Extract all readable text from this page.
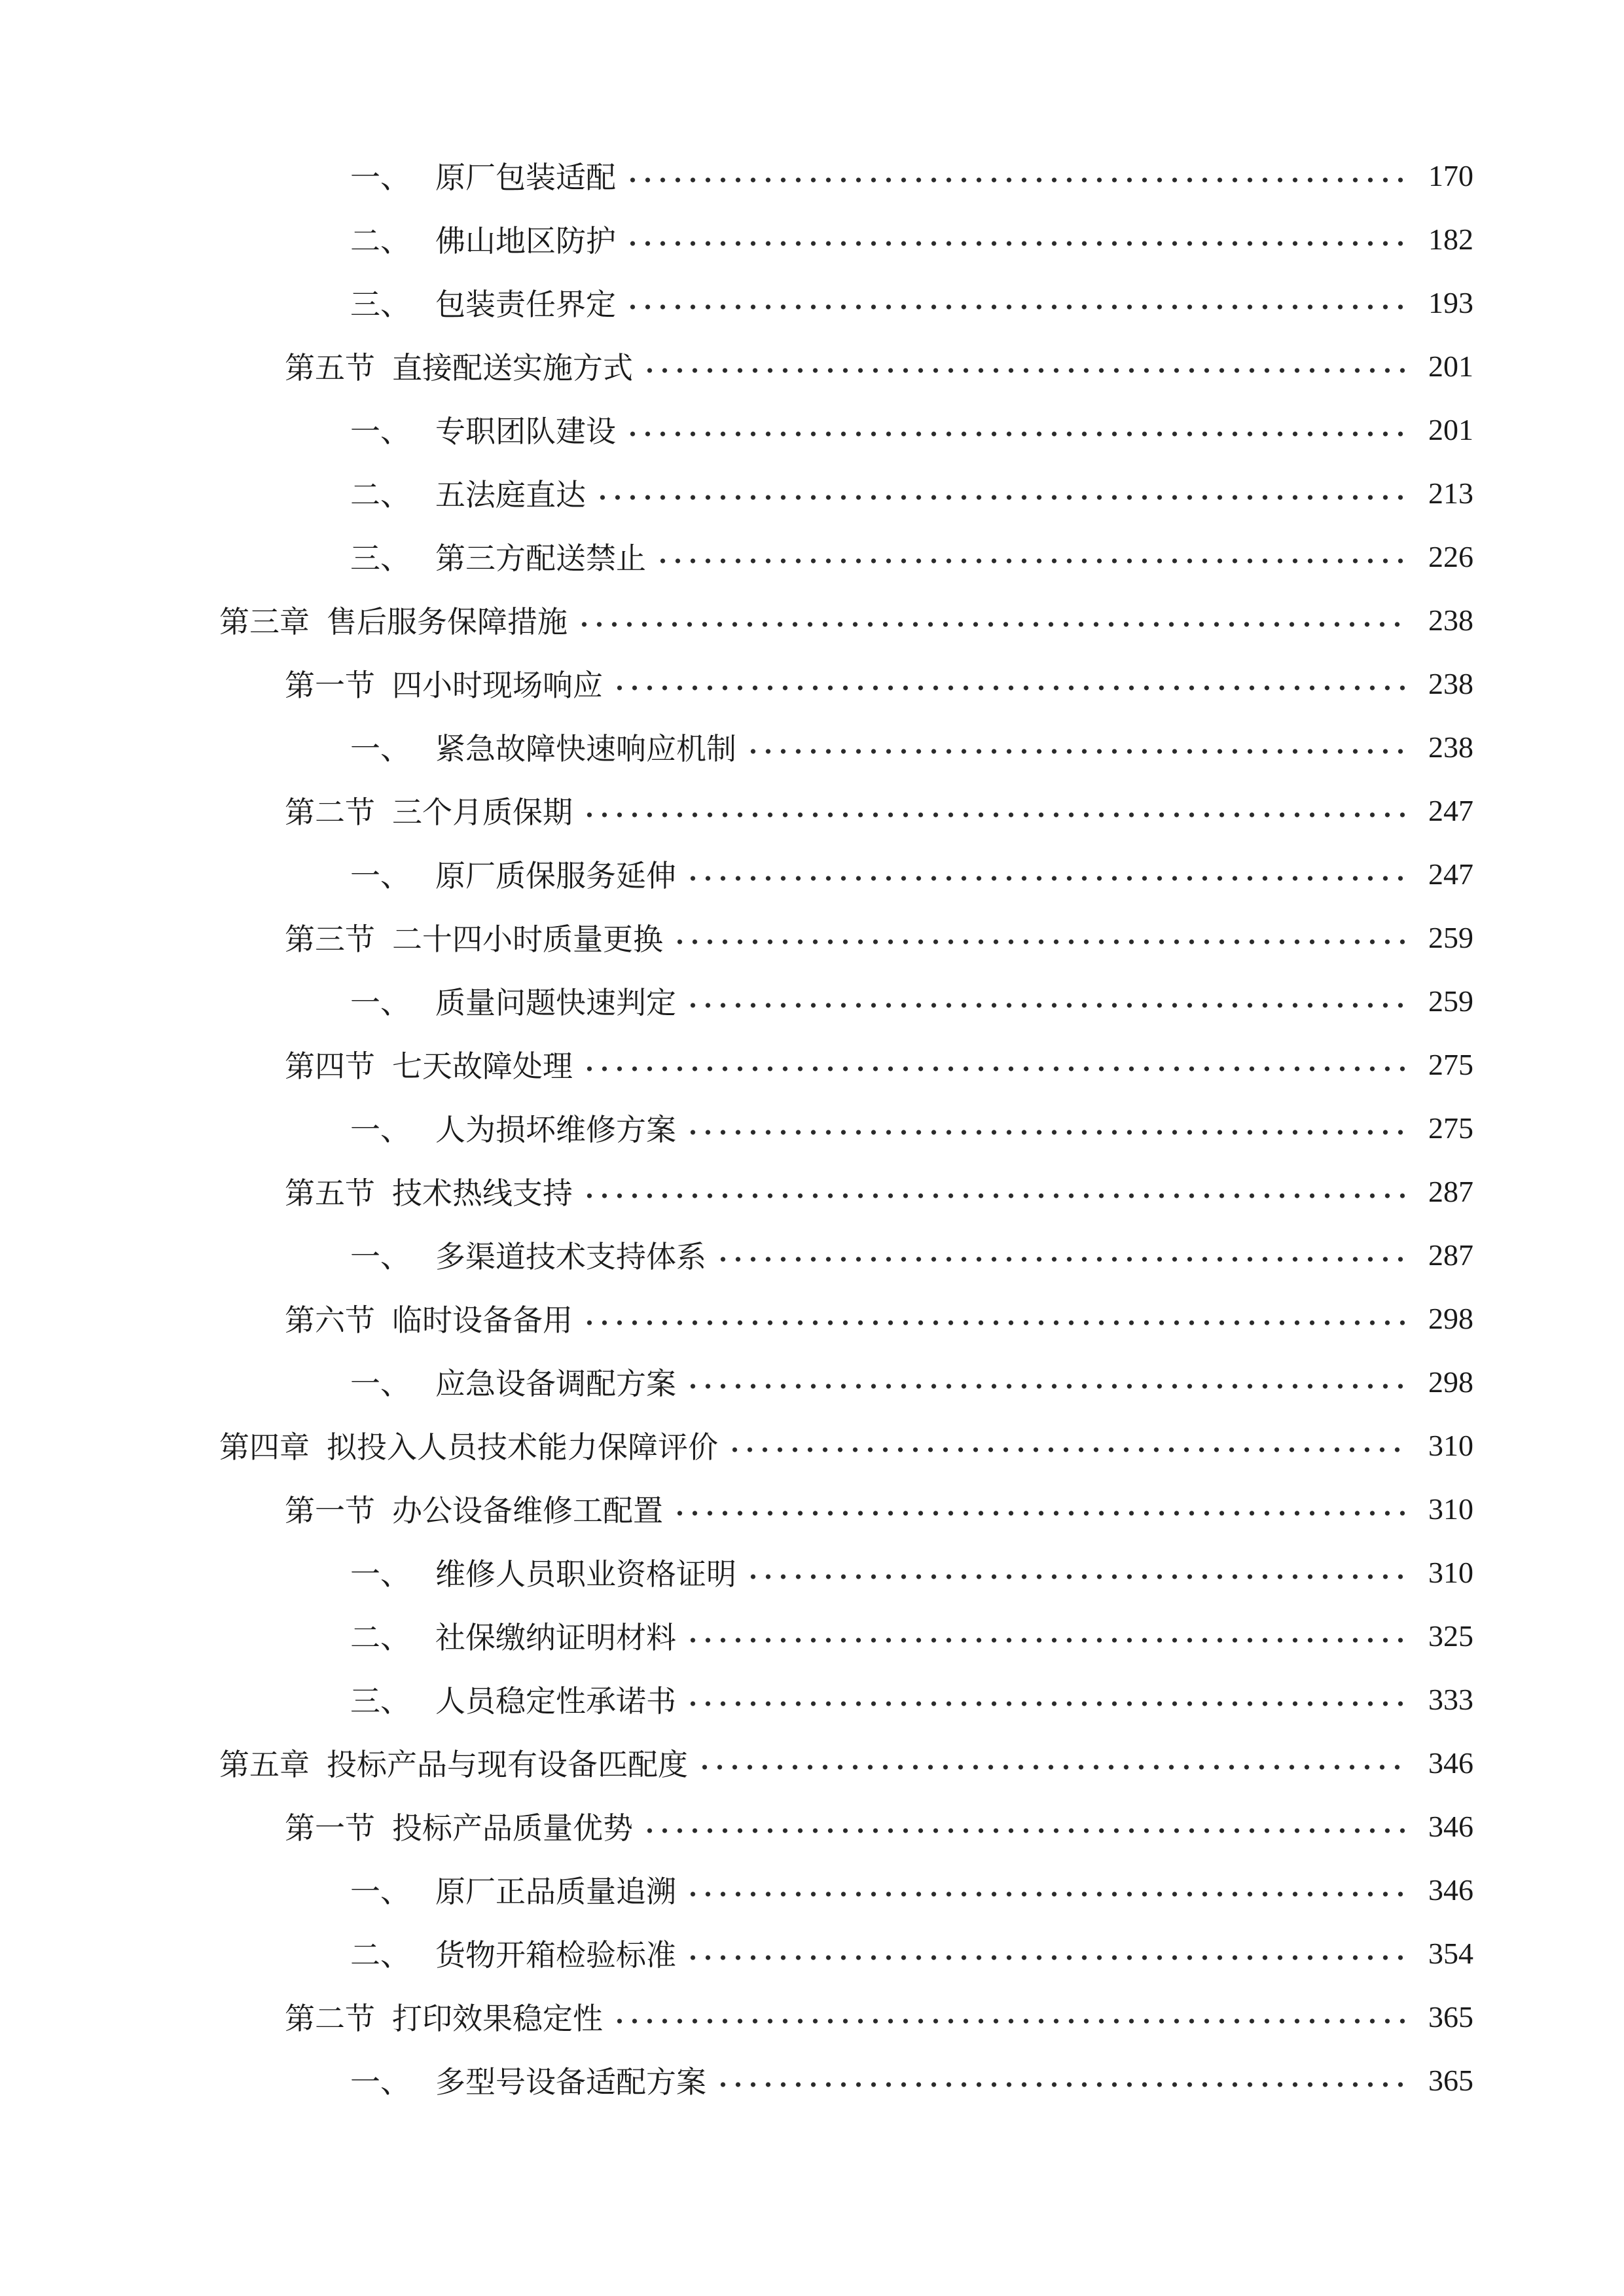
一、 原厂包装适配	170
二、 佛山地区防护	182
三、 包装责任界定	193
第五节 直接配送实施方式	201
一、 专职团队建设	201
二、 五法庭直达	213
三、 第三方配送禁止	226
第三章 售后服务保障措施	238
第一节 四小时现场响应	238
一、 紧急故障快速响应机制	238
第二节 三个月质保期	247
一、 原厂质保服务延伸	247
第三节 二十四小时质量更换	259
一、 质量问题快速判定	259
第四节 七天故障处理	275
一、 人为损坏维修方案	275
第五节 技术热线支持	287
一、 多渠道技术支持体系	287
第六节 临时设备备用	298
一、 应急设备调配方案	298
第四章 拟投入人员技术能力保障评价	310
第一节 办公设备维修工配置	310
一、 维修人员职业资格证明	310
二、 社保缴纳证明材料	325
三、 人员稳定性承诺书	333
第五章 投标产品与现有设备匹配度	346
第一节 投标产品质量优势	346
一、 原厂正品质量追溯	346
二、 货物开箱检验标准	354
第二节 打印效果稳定性	365
一、 多型号设备适配方案	365
